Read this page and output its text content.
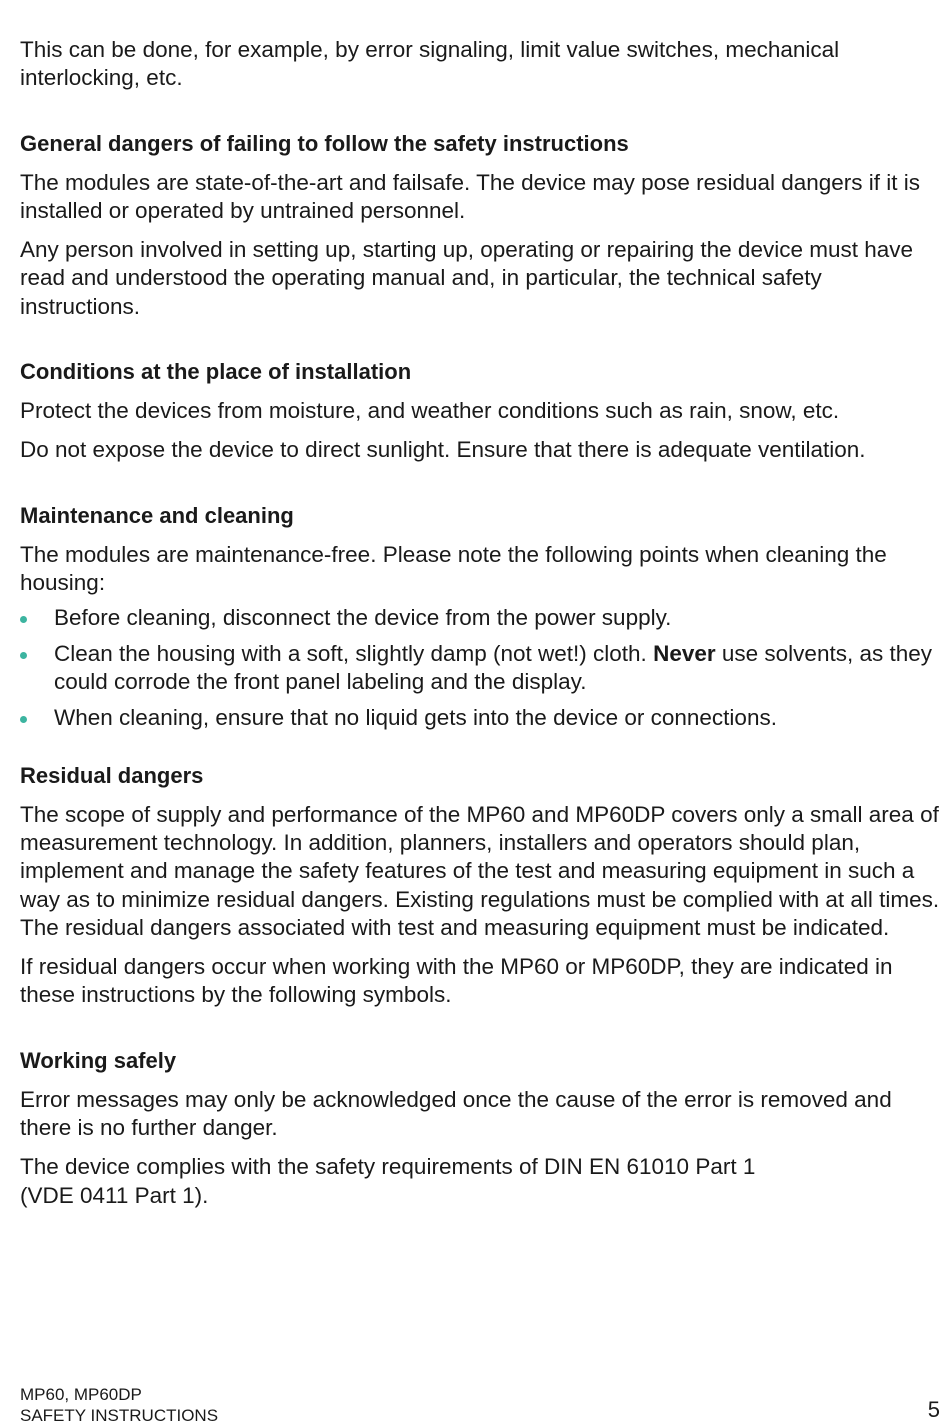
This can be done, for example, by error signaling, limit value switches, mechanical interlocking, etc.

General dangers of failing to follow the safety instructions

The modules are state-of-the-art and failsafe. The device may pose residual dangers if it is installed or operated by untrained personnel.

Any person involved in setting up, starting up, operating or repairing the device must have read and understood the operating manual and, in particular, the technical safety instructions.

Conditions at the place of installation

Protect the devices from moisture, and weather conditions such as rain, snow, etc.

Do not expose the device to direct sunlight. Ensure that there is adequate ventilation.

Maintenance and cleaning

The modules are maintenance-free. Please note the following points when cleaning the housing:

Before cleaning, disconnect the device from the power supply.
Clean the housing with a soft, slightly damp (not wet!) cloth. Never use solvents, as they could corrode the front panel labeling and the display.
When cleaning, ensure that no liquid gets into the device or connections.
Residual dangers

The scope of supply and performance of the MP60 and MP60DP covers only a small area of measurement technology. In addition, planners, installers and operators should plan, implement and manage the safety features of the test and measuring equipment in such a way as to minimize residual dangers. Existing regulations must be complied with at all times. The residual dangers associated with test and measuring equipment must be indicated.

If residual dangers occur when working with the MP60 or MP60DP, they are indicated in these instructions by the following symbols.

Working safely

Error messages may only be acknowledged once the cause of the error is removed and there is no further danger.

The device complies with the safety requirements of DIN EN 61010 Part 1
(VDE 0411 Part 1).

MP60, MP60DP
SAFETY INSTRUCTIONS	5
